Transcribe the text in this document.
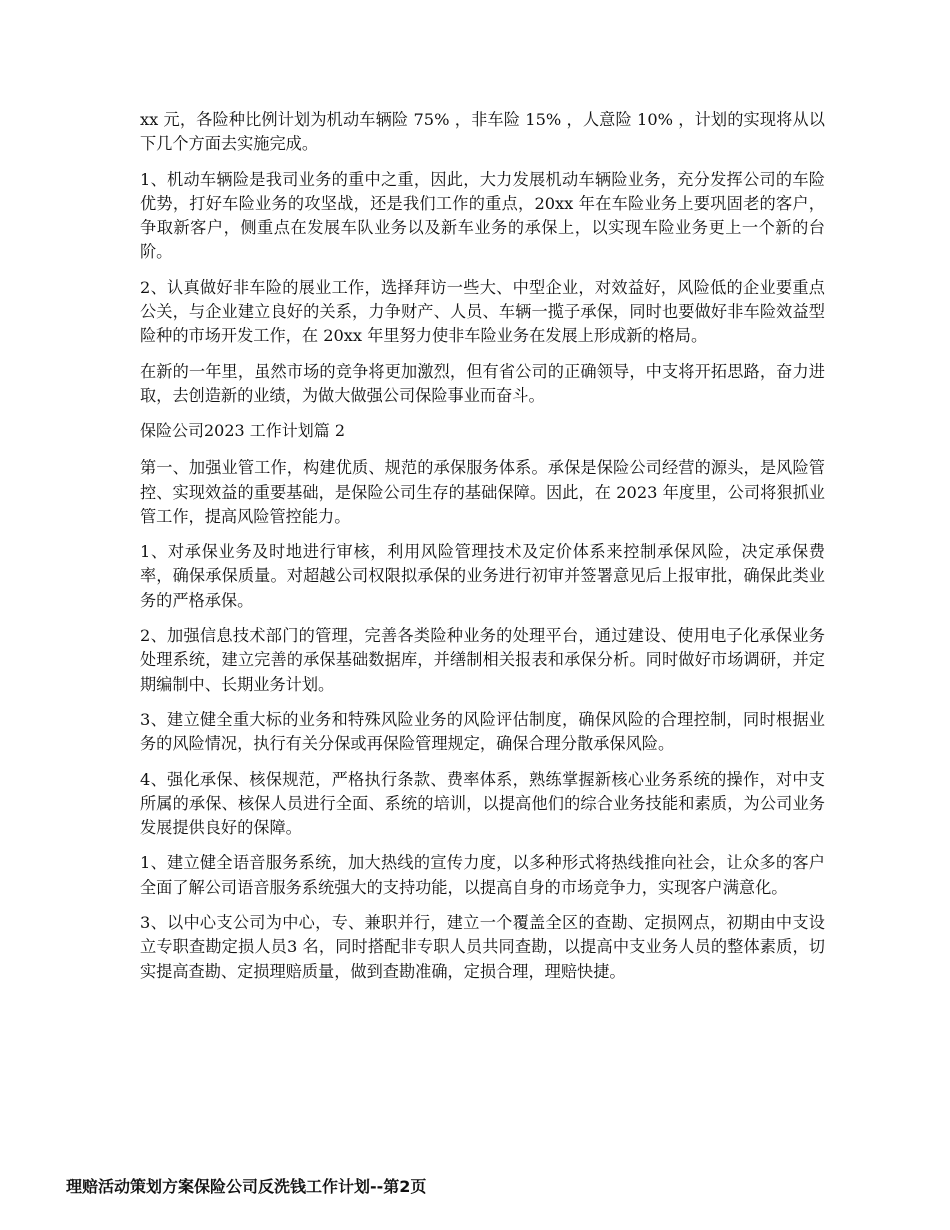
xx 元，各险种比例计划为机动车辆险 75% ，非车险 15% ，人意险 10% ，计划的实现将从以下几个方面去实施完成。

1、机动车辆险是我司业务的重中之重，因此，大力发展机动车辆险业务，充分发挥公司的车险优势，打好车险业务的攻坚战，还是我们工作的重点，20xx 年在车险业务上要巩固老的客户，争取新客户，侧重点在发展车队业务以及新车业务的承保上，以实现车险业务更上一个新的台阶。

2、认真做好非车险的展业工作，选择拜访一些大、中型企业，对效益好，风险低的企业要重点公关，与企业建立良好的关系，力争财产、人员、车辆一揽子承保，同时也要做好非车险效益型险种的市场开发工作，在 20xx 年里努力使非车险业务在发展上形成新的格局。

在新的一年里，虽然市场的竞争将更加激烈，但有省公司的正确领导，中支将开拓思路，奋力进取，去创造新的业绩，为做大做强公司保险事业而奋斗。

保险公司2023 工作计划篇 2

第一、加强业管工作，构建优质、规范的承保服务体系。承保是保险公司经营的源头，是风险管控、实现效益的重要基础，是保险公司生存的基础保障。因此，在 2023 年度里，公司将狠抓业管工作，提高风险管控能力。

1、对承保业务及时地进行审核，利用风险管理技术及定价体系来控制承保风险，决定承保费率，确保承保质量。对超越公司权限拟承保的业务进行初审并签署意见后上报审批，确保此类业务的严格承保。

2、加强信息技术部门的管理，完善各类险种业务的处理平台，通过建设、使用电子化承保业务处理系统，建立完善的承保基础数据库，并缮制相关报表和承保分析。同时做好市场调研，并定期编制中、长期业务计划。

3、建立健全重大标的业务和特殊风险业务的风险评估制度，确保风险的合理控制，同时根据业务的风险情况，执行有关分保或再保险管理规定，确保合理分散承保风险。

4、强化承保、核保规范，严格执行条款、费率体系，熟练掌握新核心业务系统的操作，对中支所属的承保、核保人员进行全面、系统的培训，以提高他们的综合业务技能和素质，为公司业务发展提供良好的保障。

1、建立健全语音服务系统，加大热线的宣传力度，以多种形式将热线推向社会，让众多的客户全面了解公司语音服务系统强大的支持功能，以提高自身的市场竞争力，实现客户满意化。

3、以中心支公司为中心，专、兼职并行，建立一个覆盖全区的查勘、定损网点，初期由中支设立专职查勘定损人员3 名，同时搭配非专职人员共同查勘，以提高中支业务人员的整体素质，切实提高查勘、定损理赔质量，做到查勘准确，定损合理，理赔快捷。

理赔活动策划方案保险公司反洗钱工作计划--第2页
